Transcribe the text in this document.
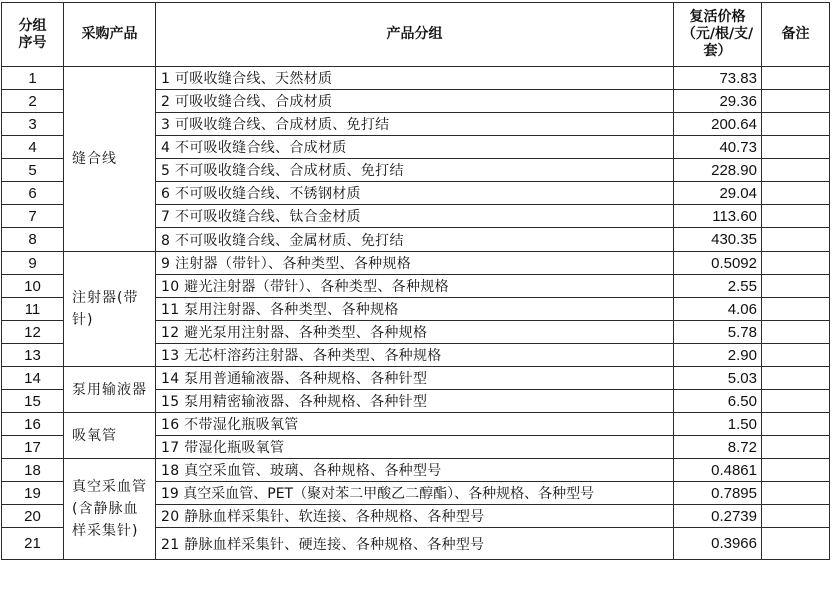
分组序号	采购产品	产品分组	复活价格（元/根/支/套）	备注
1	缝合线	1 可吸收缝合线、天然材质	73.83	
2		2 可吸收缝合线、合成材质	29.36	
3		3 可吸收缝合线、合成材质、免打结	200.64	
4		4 不可吸收缝合线、合成材质	40.73	
5		5 不可吸收缝合线、合成材质、免打结	228.90	
6		6 不可吸收缝合线、不锈钢材质	29.04	
7		7 不可吸收缝合线、钛合金材质	113.60	
8		8 不可吸收缝合线、金属材质、免打结	430.35	
9	注射器(带针)	9 注射器（带针）、各种类型、各种规格	0.5092	
10		10 避光注射器（带针）、各种类型、各种规格	2.55	
11		11 泵用注射器、各种类型、各种规格	4.06	
12		12 避光泵用注射器、各种类型、各种规格	5.78	
13		13 无芯杆溶药注射器、各种类型、各种规格	2.90	
14	泵用输液器	14 泵用普通输液器、各种规格、各种针型	5.03	
15		15 泵用精密输液器、各种规格、各种针型	6.50	
16	吸氧管	16 不带湿化瓶吸氧管	1.50	
17		17 带湿化瓶吸氧管	8.72	
18	真空采血管(含静脉血样采集针)	18 真空采血管、玻璃、各种规格、各种型号	0.4861	
19		19 真空采血管、PET（聚对苯二甲酸乙二醇酯）、各种规格、各种型号	0.7895	
20		20 静脉血样采集针、软连接、各种规格、各种型号	0.2739	
21		21 静脉血样采集针、硬连接、各种规格、各种型号	0.3966	
